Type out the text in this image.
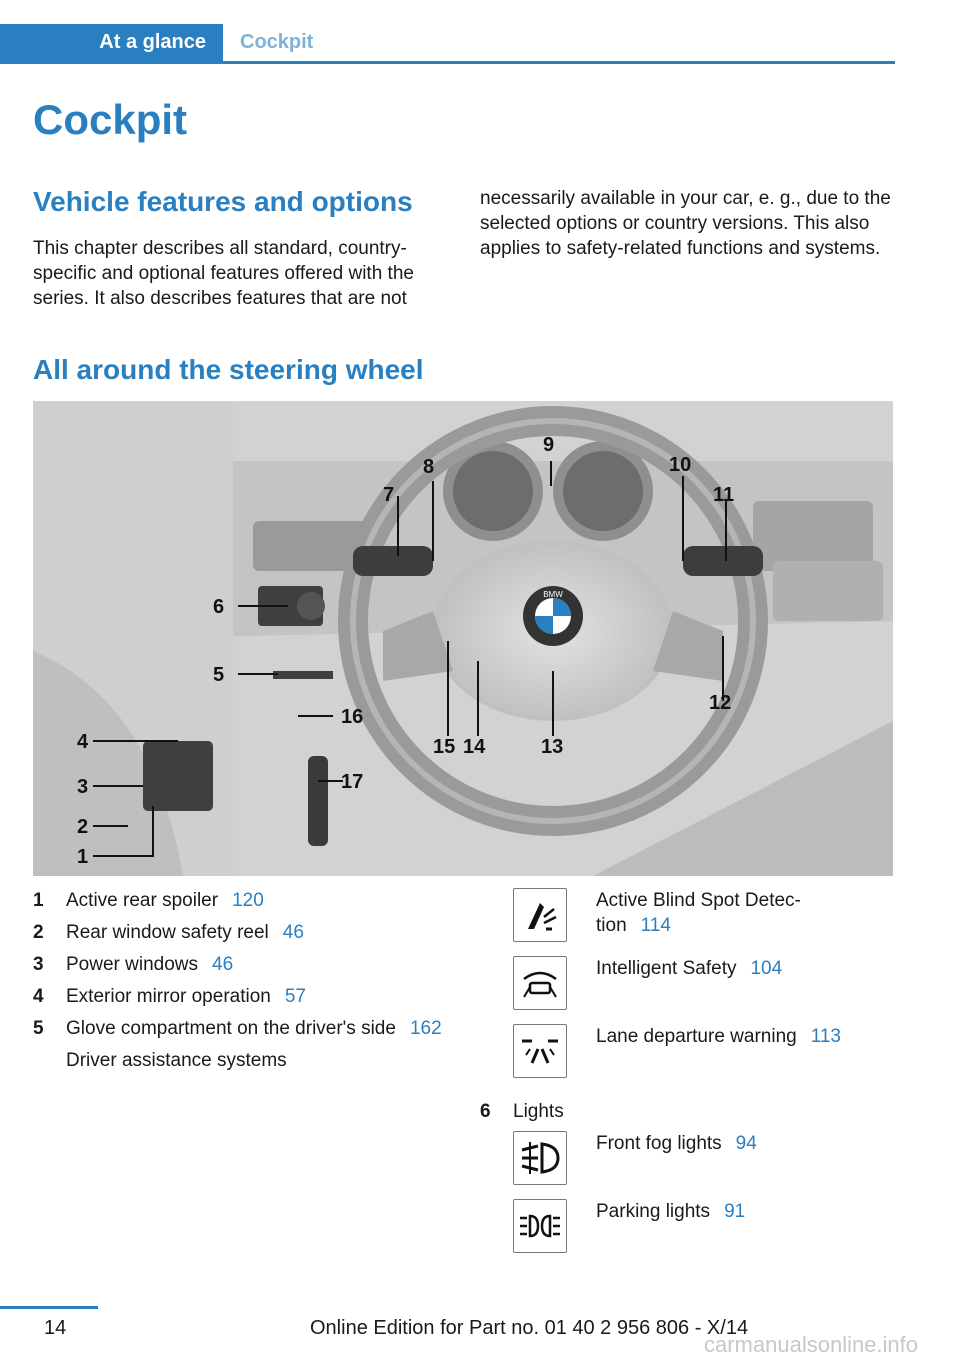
At a glance Cockpit
Cockpit
Vehicle features and options
This chapter describes all standard, country-specific and optional features offered with the series. It also describes features that are not
necessarily available in your car, e. g., due to the selected options or country versions. This also applies to safety-related functions and systems.
All around the steering wheel
BMW
1
2
3
4
5
6
7
8
9
10
11
12
13
14
15
16
17
1	Active rear spoiler 120
2	Rear window safety reel 46
3	Power windows 46
4	Exterior mirror operation 57
5	Glove compartment on the driver's side 162
Driver assistance systems
Active Blind Spot Detec-tion 114
Intelligent Safety 104
Lane departure warning 113
6	Lights
Front fog lights 94
Parking lights 91
14	Online Edition for Part no. 01 40 2 956 806 - X/14
carmanualsonline.info
